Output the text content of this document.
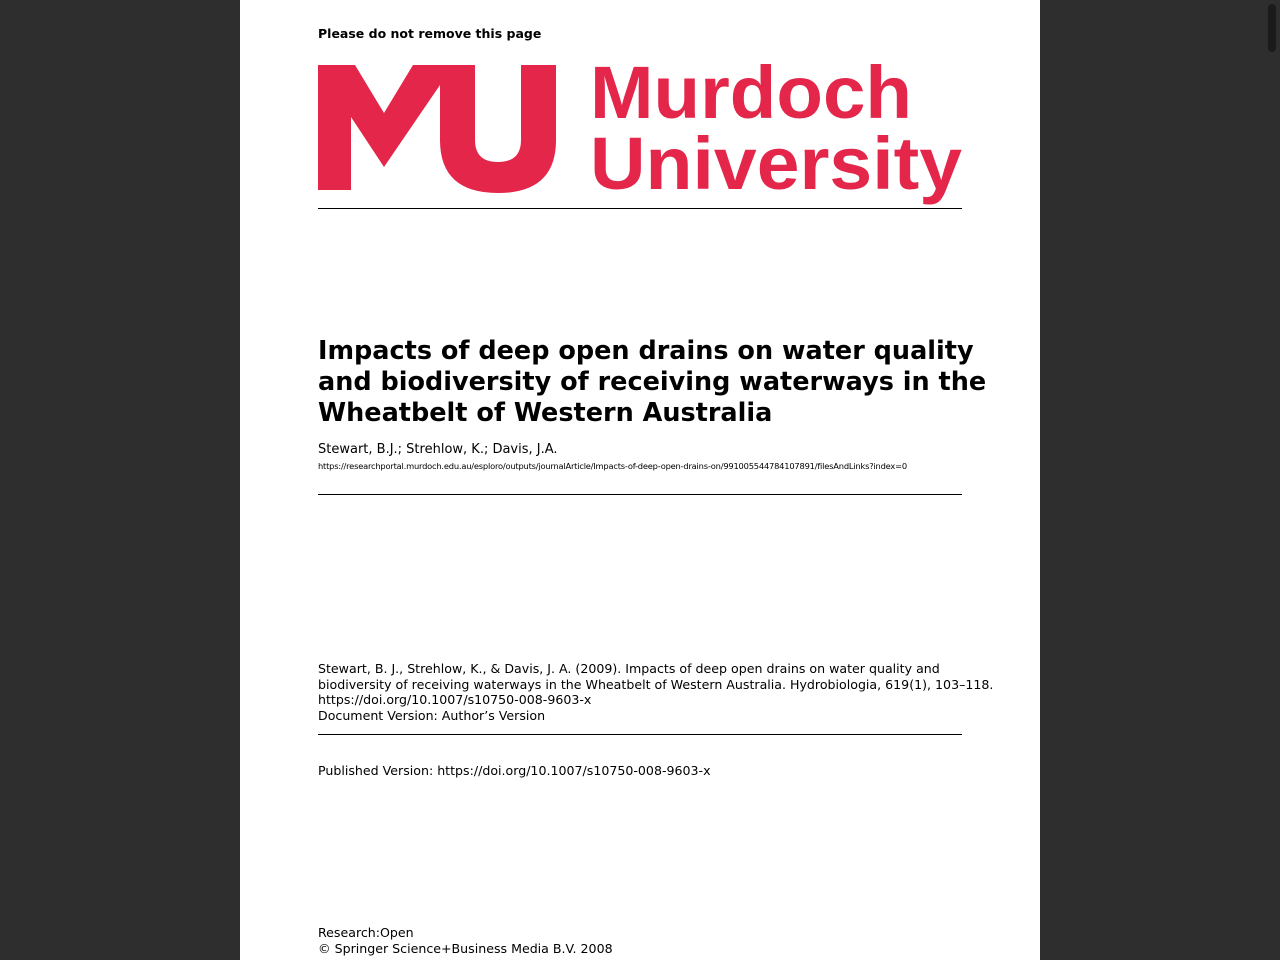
Please do not remove this page
Murdoch
University
Impacts of deep open drains on water quality
and biodiversity of receiving waterways in the
Wheatbelt of Western Australia
Stewart, B.J.; Strehlow, K.; Davis, J.A.
https://researchportal.murdoch.edu.au/esploro/outputs/journalArticle/Impacts-of-deep-open-drains-on/991005544784107891/filesAndLinks?index=0
Stewart, B. J., Strehlow, K., & Davis, J. A. (2009). Impacts of deep open drains on water quality and
biodiversity of receiving waterways in the Wheatbelt of Western Australia. Hydrobiologia, 619(1), 103–118.
https://doi.org/10.1007/s10750-008-9603-x
Document Version: Author’s Version
Published Version: https://doi.org/10.1007/s10750-008-9603-x
Research:Open
© Springer Science+Business Media B.V. 2008
